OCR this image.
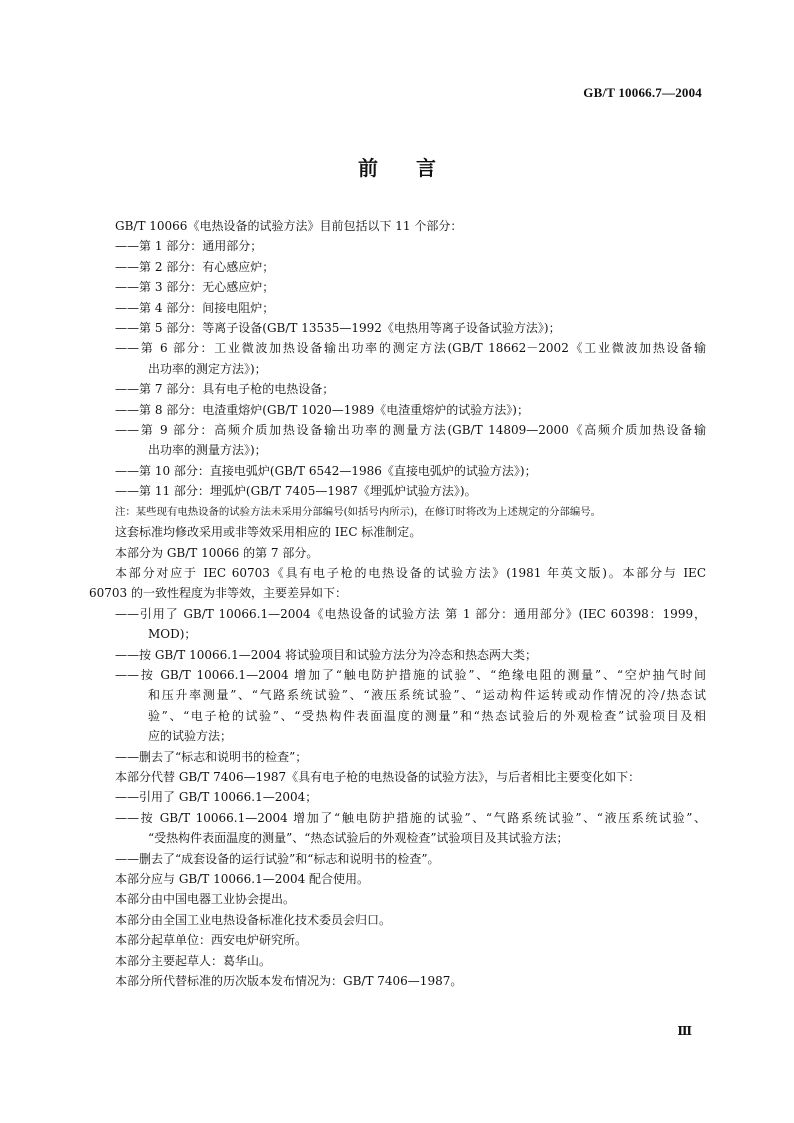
GB/T 10066.7—2004
前言
GB/T 10066《电热设备的试验方法》目前包括以下 11 个部分：
——第 1 部分：通用部分；
——第 2 部分：有心感应炉；
——第 3 部分：无心感应炉；
——第 4 部分：间接电阻炉；
——第 5 部分：等离子设备(GB/T 13535—1992《电热用等离子设备试验方法》)；
——第 6 部分：工业微波加热设备输出功率的测定方法(GB/T 18662－2002《工业微波加热设备输
出功率的测定方法》)；
——第 7 部分：具有电子枪的电热设备；
——第 8 部分：电渣重熔炉(GB/T 1020—1989《电渣重熔炉的试验方法》)；
——第 9 部分：高频介质加热设备输出功率的测量方法(GB/T 14809—2000《高频介质加热设备输
出功率的测量方法》)；
——第 10 部分：直接电弧炉(GB/T 6542—1986《直接电弧炉的试验方法》)；
——第 11 部分：埋弧炉(GB/T 7405—1987《埋弧炉试验方法》)。
注：某些现有电热设备的试验方法未采用分部编号(如括号内所示)，在修订时将改为上述规定的分部编号。
这套标准均修改采用或非等效采用相应的 IEC 标准制定。
本部分为 GB/T 10066 的第 7 部分。
本部分对应于 IEC 60703《具有电子枪的电热设备的试验方法》(1981 年英文版)。本部分与 IEC
60703 的一致性程度为非等效，主要差异如下：
——引用了 GB/T 10066.1—2004《电热设备的试验方法 第 1 部分：通用部分》(IEC 60398：1999，
MOD)；
——按 GB/T 10066.1—2004 将试验项目和试验方法分为冷态和热态两大类；
——按 GB/T 10066.1—2004 增加了“触电防护措施的试验”、“绝缘电阻的测量”、“空炉抽气时间
和压升率测量”、“气路系统试验”、“液压系统试验”、“运动构件运转或动作情况的冷/热态试
验”、“电子枪的试验”、“受热构件表面温度的测量”和“热态试验后的外观检查”试验项目及相
应的试验方法；
——删去了“标志和说明书的检查”；
本部分代替 GB/T 7406—1987《具有电子枪的电热设备的试验方法》，与后者相比主要变化如下：
——引用了 GB/T 10066.1—2004；
——按 GB/T 10066.1—2004 增加了“触电防护措施的试验”、“气路系统试验”、“液压系统试验”、
“受热构件表面温度的测量”、“热态试验后的外观检查”试验项目及其试验方法；
——删去了“成套设备的运行试验”和“标志和说明书的检查”。
本部分应与 GB/T 10066.1—2004 配合使用。
本部分由中国电器工业协会提出。
本部分由全国工业电热设备标准化技术委员会归口。
本部分起草单位：西安电炉研究所。
本部分主要起草人：葛华山。
本部分所代替标准的历次版本发布情况为：GB/T 7406—1987。
Ⅲ
